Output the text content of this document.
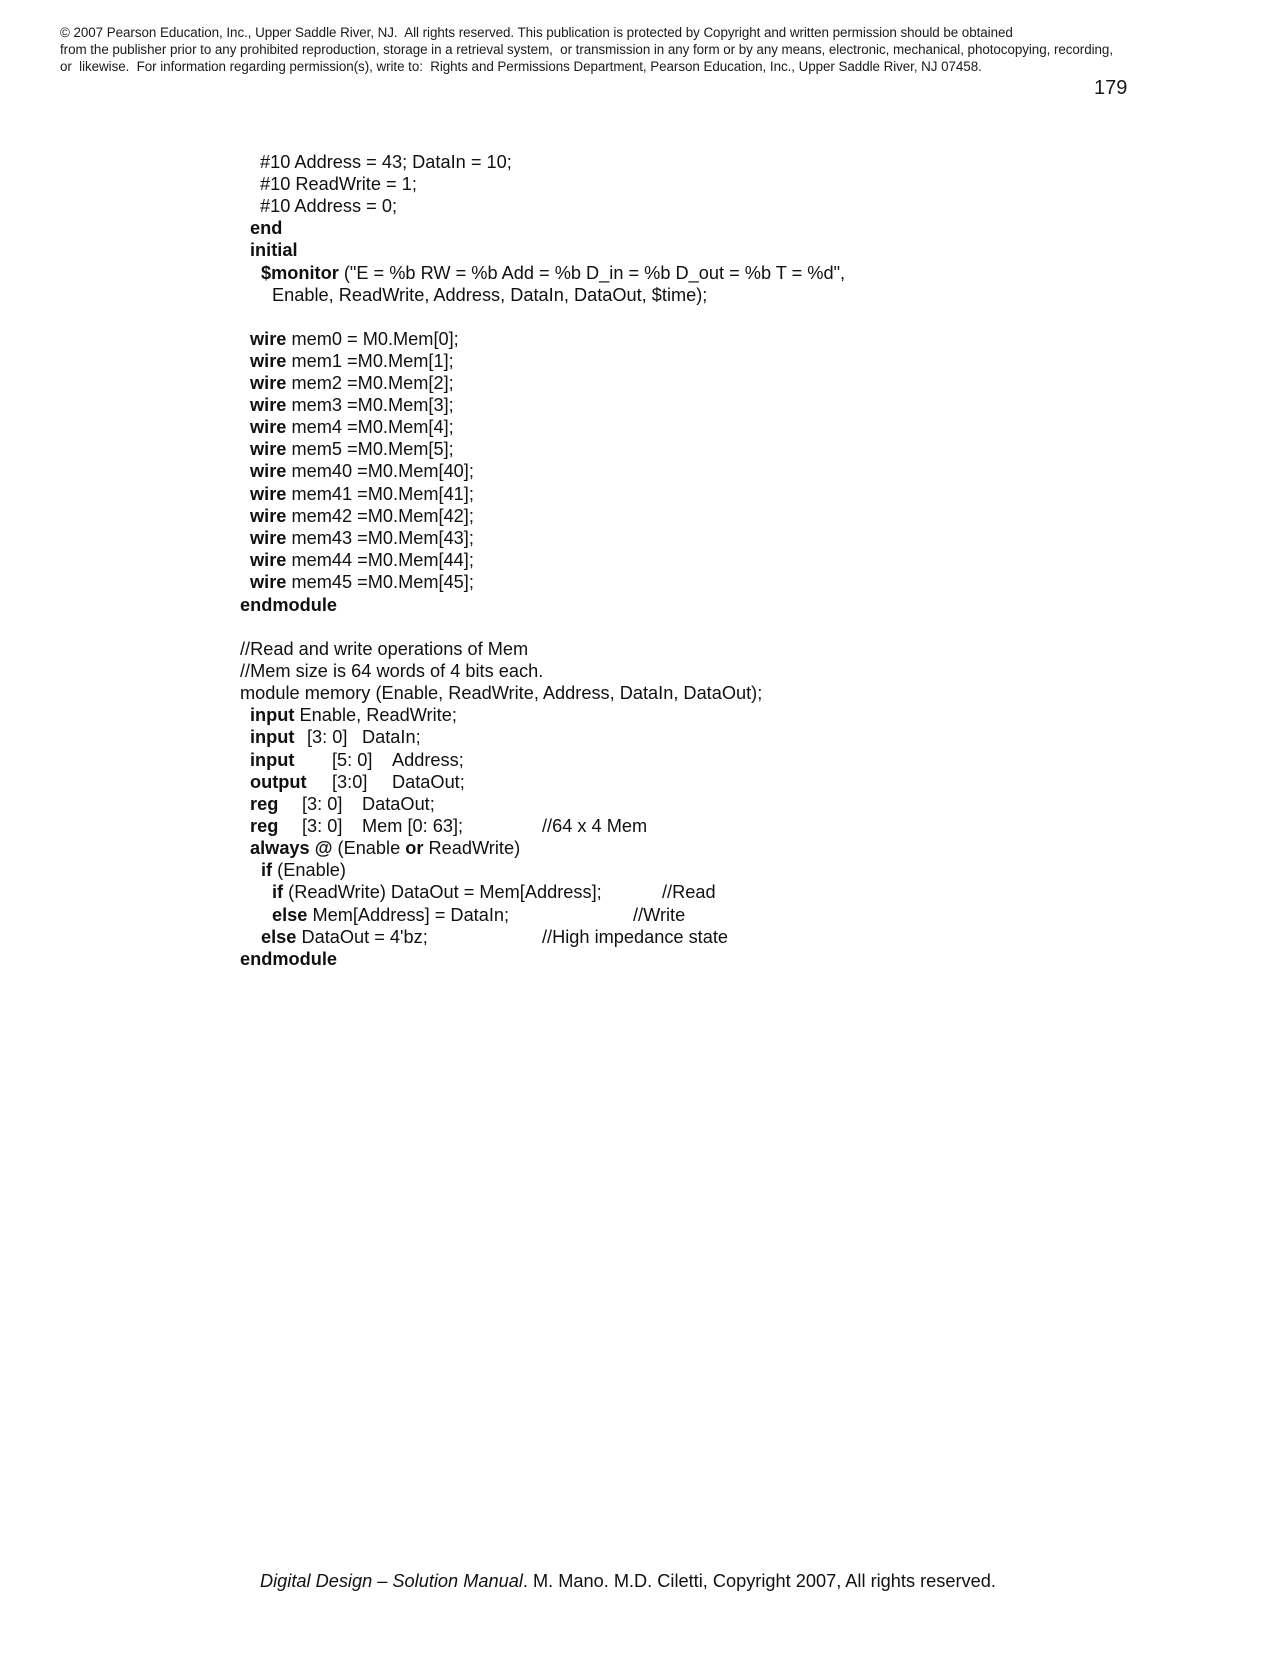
© 2007 Pearson Education, Inc., Upper Saddle River, NJ.  All rights reserved. This publication is protected by Copyright and written permission should be obtained
from the publisher prior to any prohibited reproduction, storage in a retrieval system,  or transmission in any form or by any means, electronic, mechanical, photocopying, recording,
or  likewise.  For information regarding permission(s), write to:  Rights and Permissions Department, Pearson Education, Inc., Upper Saddle River, NJ 07458.
179
#10 Address = 43; DataIn = 10;
#10 ReadWrite = 1;
#10 Address = 0;
end
initial
$monitor ("E = %b RW = %b Add = %b D_in = %b D_out = %b T = %d",
Enable, ReadWrite, Address, DataIn, DataOut, $time);
wire mem0 = M0.Mem[0];
wire mem1 =M0.Mem[1];
wire mem2 =M0.Mem[2];
wire mem3 =M0.Mem[3];
wire mem4 =M0.Mem[4];
wire mem5 =M0.Mem[5];
wire mem40 =M0.Mem[40];
wire mem41 =M0.Mem[41];
wire mem42 =M0.Mem[42];
wire mem43 =M0.Mem[43];
wire mem44 =M0.Mem[44];
wire mem45 =M0.Mem[45];
endmodule
//Read and write operations of Mem
//Mem size is 64 words of 4 bits each.
module memory (Enable, ReadWrite, Address, DataIn, DataOut);
input Enable, ReadWrite;

input

[3: 0]

DataIn;

input

[5: 0]

Address;

output

[3:0]

DataOut;

reg

[3: 0]

DataOut;

reg

[3: 0]

Mem [0: 63];

	//64 x 4 Mem

always @ (Enable or ReadWrite)
if (Enable)

if (ReadWrite) DataOut = Mem[Address];

	//Read

else Mem[Address] = DataIn;

	//Write

else DataOut = 4'bz;

	//High impedance state

endmodule
Digital Design – Solution Manual. M. Mano. M.D. Ciletti, Copyright 2007, All rights reserved.
